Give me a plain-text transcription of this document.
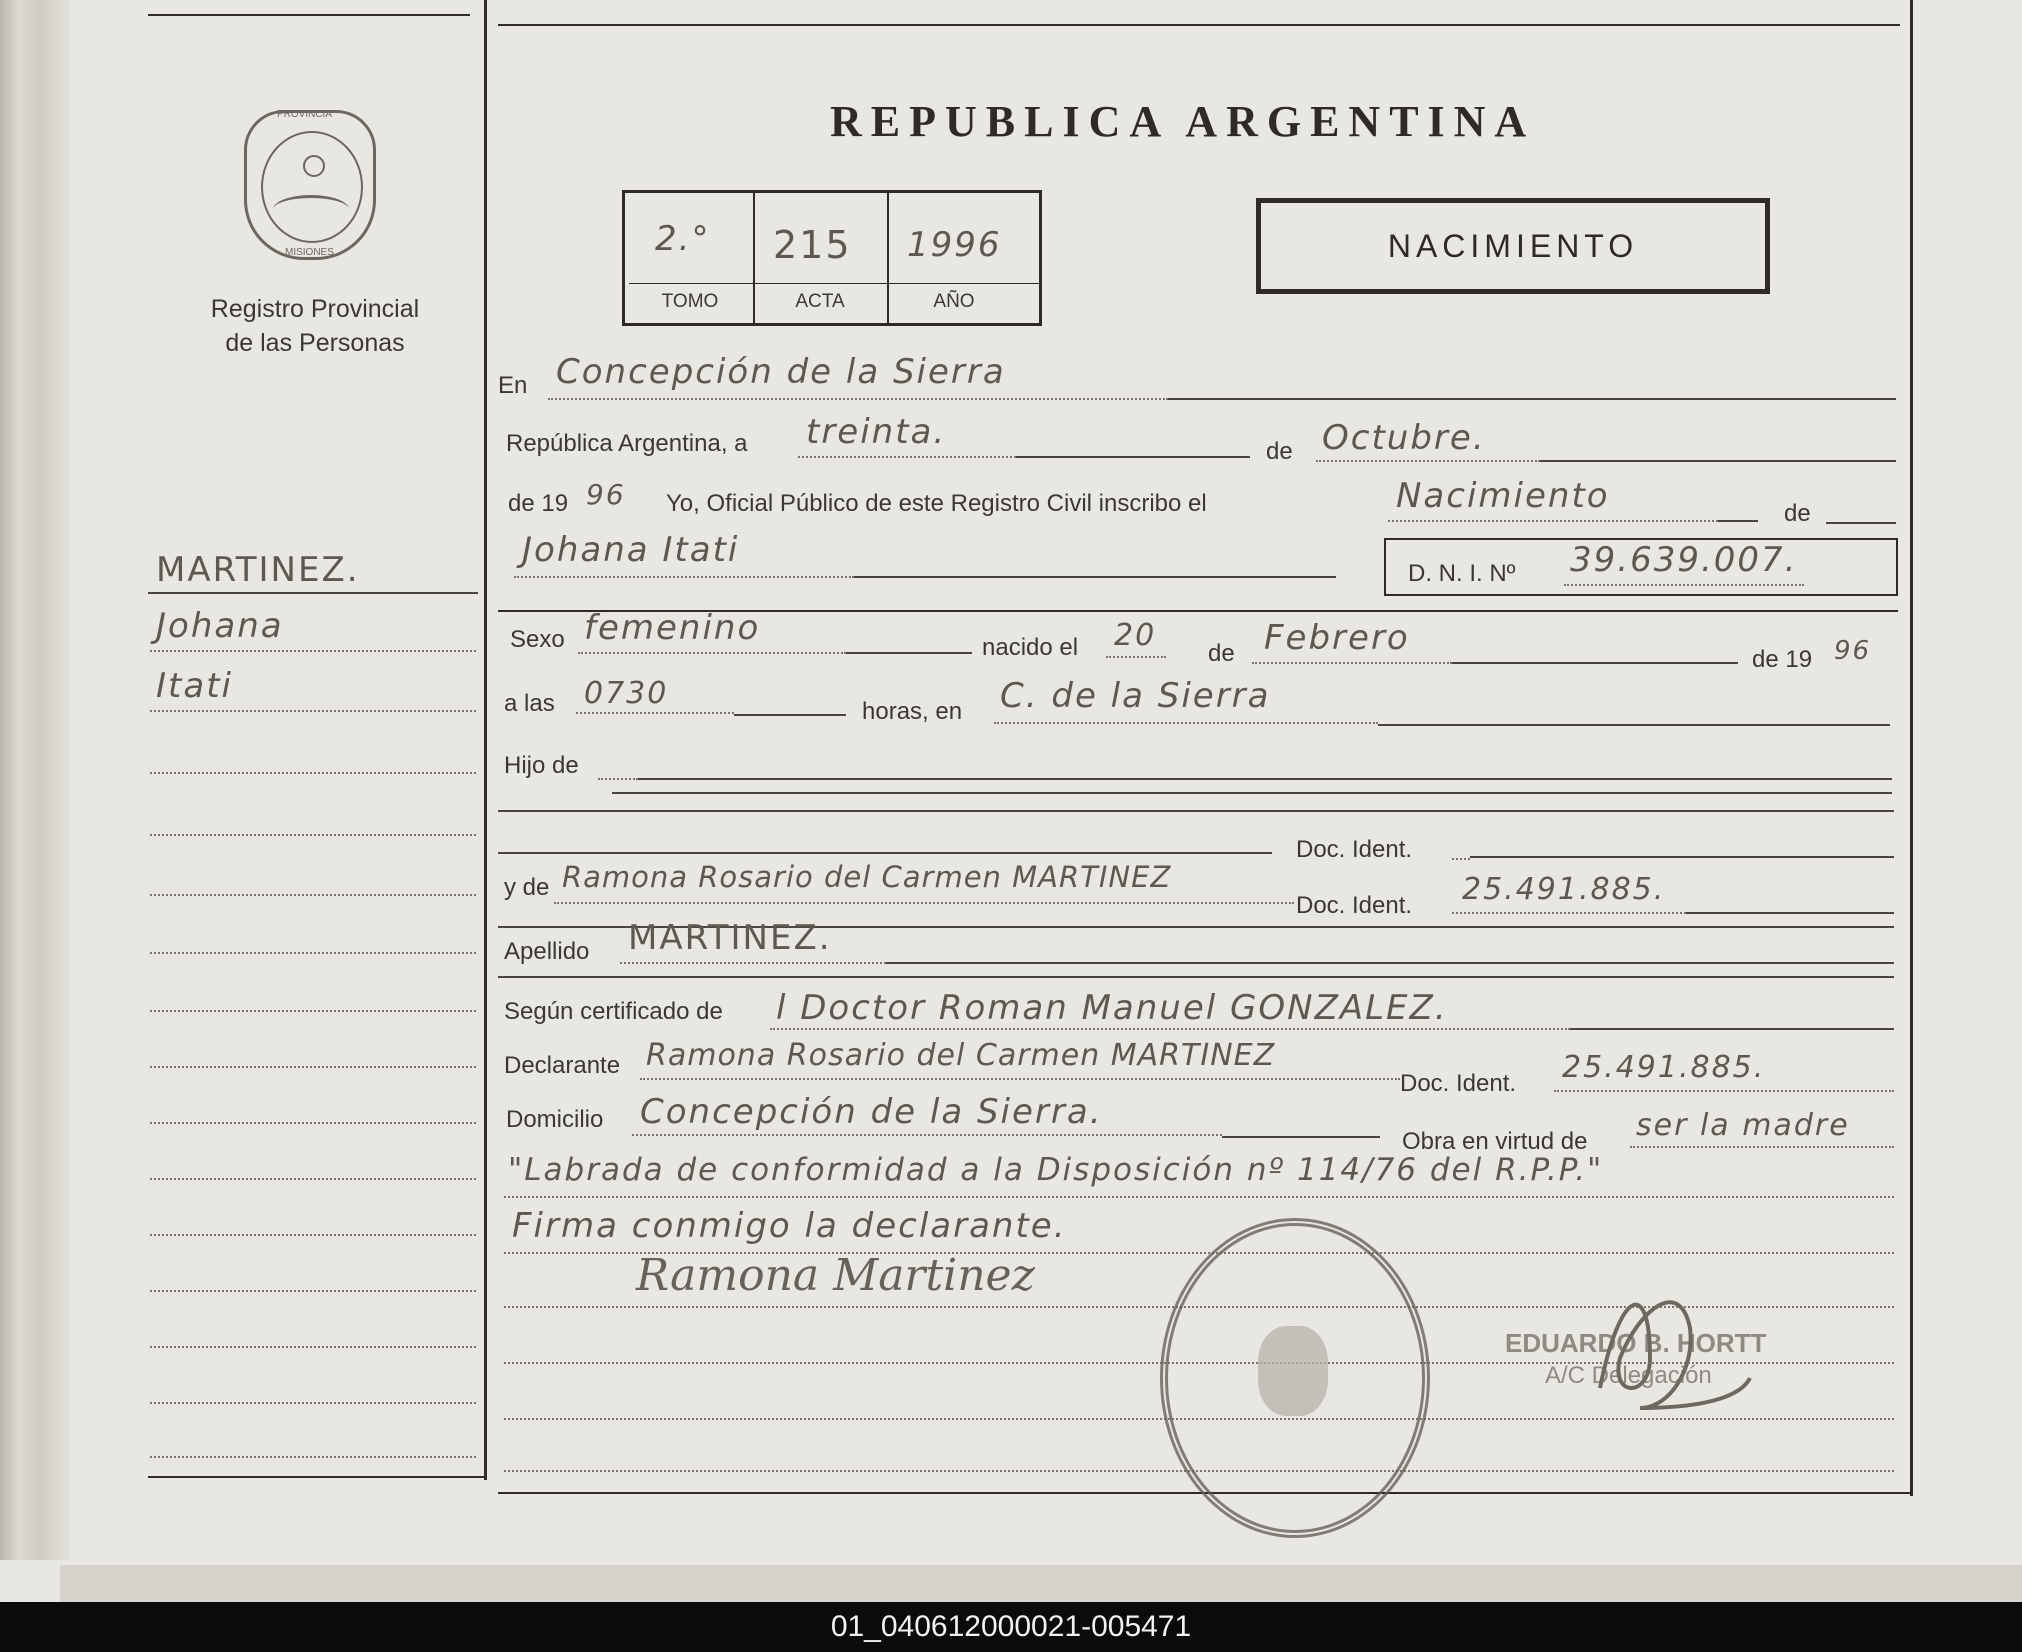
PROVINCIA
MISIONES
Registro Provincial
de las Personas
MARTINEZ.
Johana
Itati
REPUBLICA ARGENTINA
2.° 215 1996
TOMO	ACTA	AÑO
NACIMIENTO
En Concepción de la Sierra
República Argentina, a treinta.	de Octubre.
de 19 96 Yo, Oficial Público de este Registro Civil inscribo el	Nacimiento	de
Johana Itati
D. N. I. Nº 39.639.007.
Sexo femenino	nacido el 20
de Febrero
de 19 96
a las 0730
horas, en C. de la Sierra
Hijo de
Doc. Ident.
y de Ramona Rosario del Carmen MARTINEZ
Doc. Ident. 25.491.885.
Apellido MARTINEZ.
Según certificado de l Doctor Roman Manuel GONZALEZ.
Declarante Ramona Rosario del Carmen MARTINEZ
Doc. Ident. 25.491.885.
Domicilio Concepción de la Sierra.
Obra en virtud de ser la madre
"Labrada de conformidad a la Disposición nº 114/76 del R.P.P."
Firma conmigo la declarante.
Ramona Martinez
EDUARDO B. HORTT
A/C Delegación
01_040612000021-005471
